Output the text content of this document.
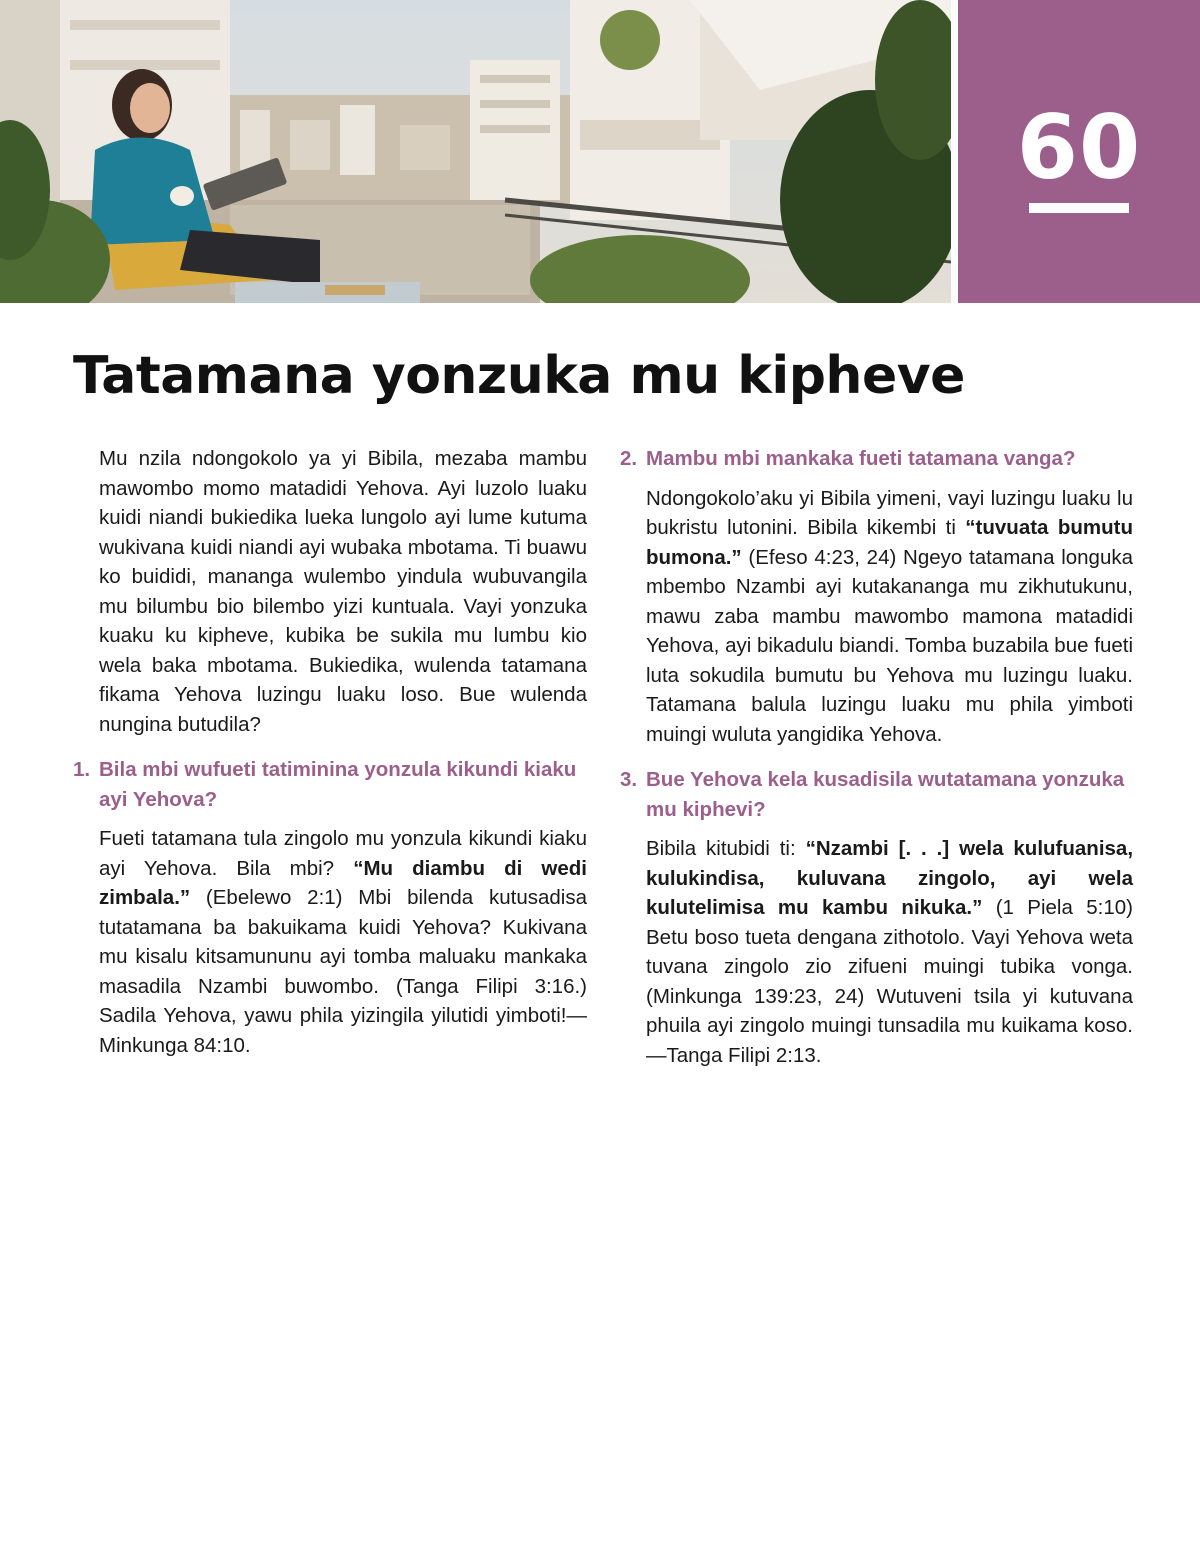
60
Tatamana yonzuka mu kipheve

Mu nzila ndongokolo ya yi Bibila, mezaba mambu mawombo momo matadidi Yehova. Ayi luzolo luaku kuidi niandi bukiedika lueka lungolo ayi lume kutuma wukivana kuidi niandi ayi wubaka mbotama. Ti buawu ko buididi, mananga wulembo yindula wubuvangila mu bilumbu bio bilembo yizi kuntuala. Vayi yonzuka kuaku ku kipheve, kubika be sukila mu lumbu kio wela baka mbotama. Bukiedika, wulenda tatamana fikama Yehova luzingu luaku loso. Bue wulenda nungina butudila?

1. Bila mbi wufueti tatiminina yonzula kikundi kiaku ayi Yehova?

Fueti tatamana tula zingolo mu yonzula kikundi kiaku ayi Yehova. Bila mbi? “Mu diambu di wedi zimbala.” (Ebelewo 2:1) Mbi bilenda kutusadisa tutatamana ba bakuikama kuidi Yehova? Kukivana mu kisalu kitsamununu ayi tomba maluaku mankaka masadila Nzambi buwombo. (Tanga Filipi 3:16.) Sadila Yehova, yawu phila yizingila yilutidi yimboti!—Minkunga 84:10.

2. Mambu mbi mankaka fueti tatamana vanga?

Ndongokolo’aku yi Bibila yimeni, vayi luzingu luaku lu bukristu lutonini. Bibila kikembi ti “tuvuata bumutu bumona.” (Efeso 4:23, 24) Ngeyo tatamana longuka mbembo Nzambi ayi kutakananga mu zikhutukunu, mawu zaba mambu mawombo mamona matadidi Yehova, ayi bikadulu biandi. Tomba buzabila bue fueti luta sokudila bumutu bu Yehova mu luzingu luaku. Tatamana balula luzingu luaku mu phila yimboti muingi wuluta yangidika Yehova.

3. Bue Yehova kela kusadisila wutatamana yonzuka mu kiphevi?

Bibila kitubidi ti: “Nzambi [. . .] wela kulufuanisa, kulukindisa, kuluvana zingolo, ayi wela kulutelimisa mu kambu nikuka.” (1 Piela 5:10) Betu boso tueta dengana zithotolo. Vayi Yehova weta tuvana zingolo zio zifueni muingi tubika vonga. (Minkunga 139:23, 24) Wutuveni tsila yi kutuvana phuila ayi zingolo muingi tunsadila mu kuikama koso.—Tanga Filipi 2:13.
